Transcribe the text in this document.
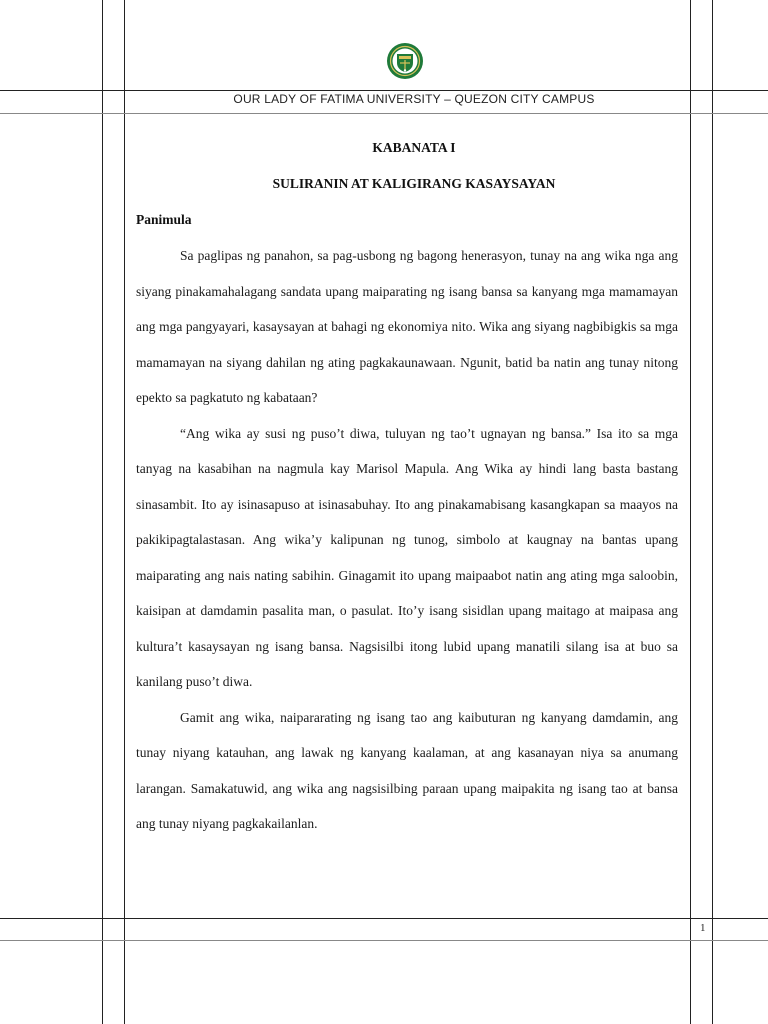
OUR LADY OF FATIMA UNIVERSITY – QUEZON CITY CAMPUS
KABANATA I
SULIRANIN AT KALIGIRANG KASAYSAYAN
Panimula

Sa paglipas ng panahon, sa pag-usbong ng bagong henerasyon, tunay na ang wika nga ang siyang pinakamahalagang sandata upang maiparating ng isang bansa sa kanyang mga mamamayan ang mga pangyayari, kasaysayan at bahagi ng ekonomiya nito. Wika ang siyang nagbibigkis sa mga mamamayan na siyang dahilan ng ating pagkakaunawaan. Ngunit, batid ba natin ang tunay nitong epekto sa pagkatuto ng kabataan?

“Ang wika ay susi ng puso’t diwa, tuluyan ng tao’t ugnayan ng bansa.” Isa ito sa mga tanyag na kasabihan na nagmula kay Marisol Mapula. Ang Wika ay hindi lang basta bastang sinasambit. Ito ay isinasapuso at isinasabuhay. Ito ang pinakamabisang kasangkapan sa maayos na pakikipagtalastasan. Ang wika’y kalipunan ng tunog, simbolo at kaugnay na bantas upang maiparating ang nais nating sabihin. Ginagamit ito upang maipaabot natin ang ating mga saloobin, kaisipan at damdamin pasalita man, o pasulat. Ito’y isang sisidlan upang maitago at maipasa ang kultura’t kasaysayan ng isang bansa. Nagsisilbi itong lubid upang manatili silang isa at buo sa kanilang puso’t diwa.

Gamit ang wika, naipararating ng isang tao ang kaibuturan ng kanyang damdamin, ang tunay niyang katauhan, ang lawak ng kanyang kaalaman, at ang kasanayan niya sa anumang larangan. Samakatuwid, ang wika ang nagsisilbing paraan upang maipakita ng isang tao at bansa ang tunay niyang pagkakailanlan.

1
